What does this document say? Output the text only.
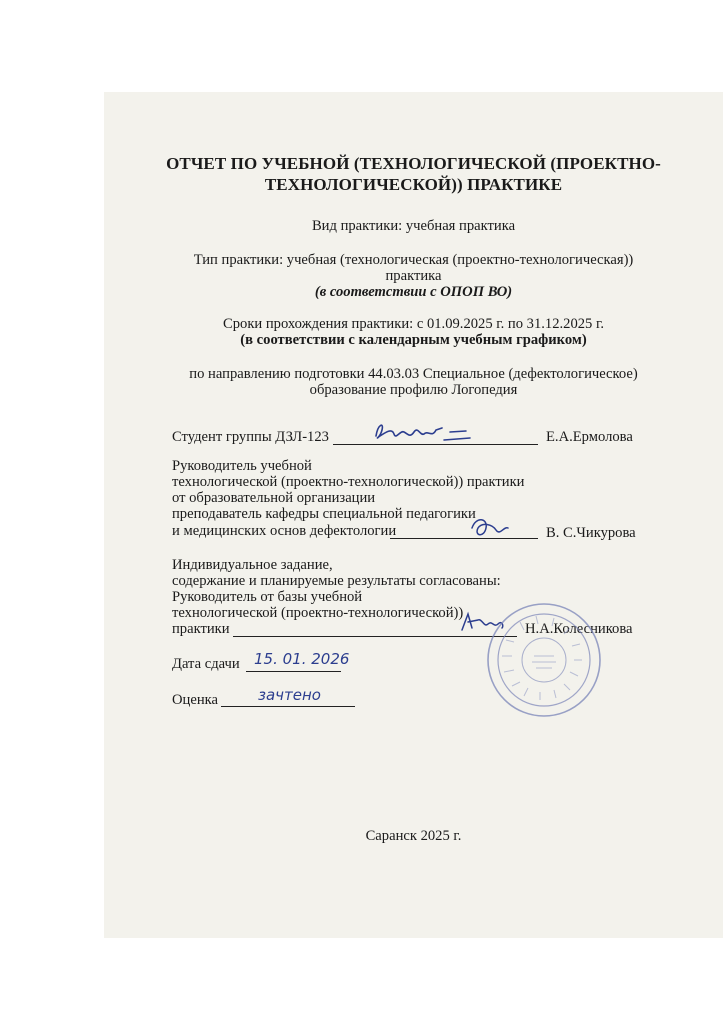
ОТЧЕТ ПО УЧЕБНОЙ (ТЕХНОЛОГИЧЕСКОЙ (ПРОЕКТНО-
ТЕХНОЛОГИЧЕСКОЙ)) ПРАКТИКЕ
Вид практики: учебная практика
Тип практики: учебная (технологическая (проектно-технологическая))
практика
(в соответствии с ОПОП ВО)
Сроки прохождения практики: с 01.09.2025 г. по 31.12.2025 г.
(в соответствии с календарным учебным графиком)
по направлению подготовки 44.03.03 Специальное (дефектологическое)
образование профилю Логопедия
Студент группы ДЗЛ-123	Е.А.Ермолова
Руководитель учебной
технологической (проектно-технологической)) практики
от образовательной организации
преподаватель кафедры специальной педагогики
и медицинских основ дефектологии	В. С.Чикурова
Индивидуальное задание,
содержание и планируемые результаты согласованы:
Руководитель от базы учебной
технологической (проектно-технологической))
практики	Н.А.Колесникова
Дата сдачи 15. 01. 2026
Оценка	зачтено
Саранск 2025 г.
